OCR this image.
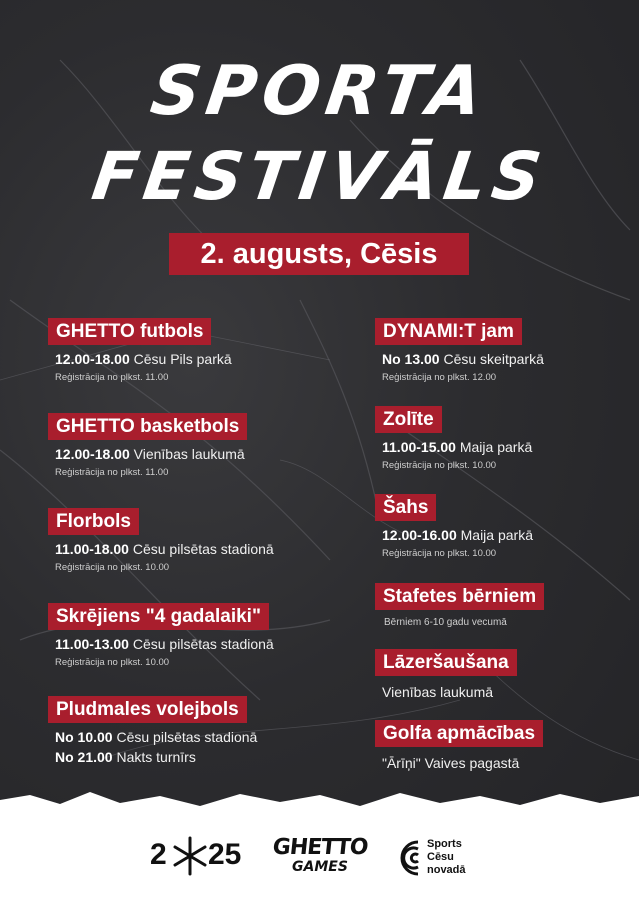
SPORTA
FESTIVĀLS
2. augusts, Cēsis
GHETTO futbols
12.00-18.00 Cēsu Pils parkā
Reģistrācija no plkst. 11.00
GHETTO basketbols
12.00-18.00 Vienības laukumā
Reģistrācija no plkst. 11.00
Florbols
11.00-18.00 Cēsu pilsētas stadionā
Reģistrācija no plkst. 10.00
Skrējiens "4 gadalaiki"
11.00-13.00 Cēsu pilsētas stadionā
Reģistrācija no plkst. 10.00
Pludmales volejbols
No 10.00 Cēsu pilsētas stadionā
No 21.00 Nakts turnīrs
DYNAMI:T jam
No 13.00 Cēsu skeitparkā
Reģistrācija no plkst. 12.00
Zolīte
11.00-15.00 Maija parkā
Reģistrācija no plkst. 10.00
Šahs
12.00-16.00 Maija parkā
Reģistrācija no plkst. 10.00
Stafetes bērniem
Bērniem 6-10 gadu vecumā
Lāzeršaušana
Vienības laukumā
Golfa apmācības
"Ārīņi" Vaives pagastā
2 25 GHETTO
GAMES
Sports
Cēsu
novadā
